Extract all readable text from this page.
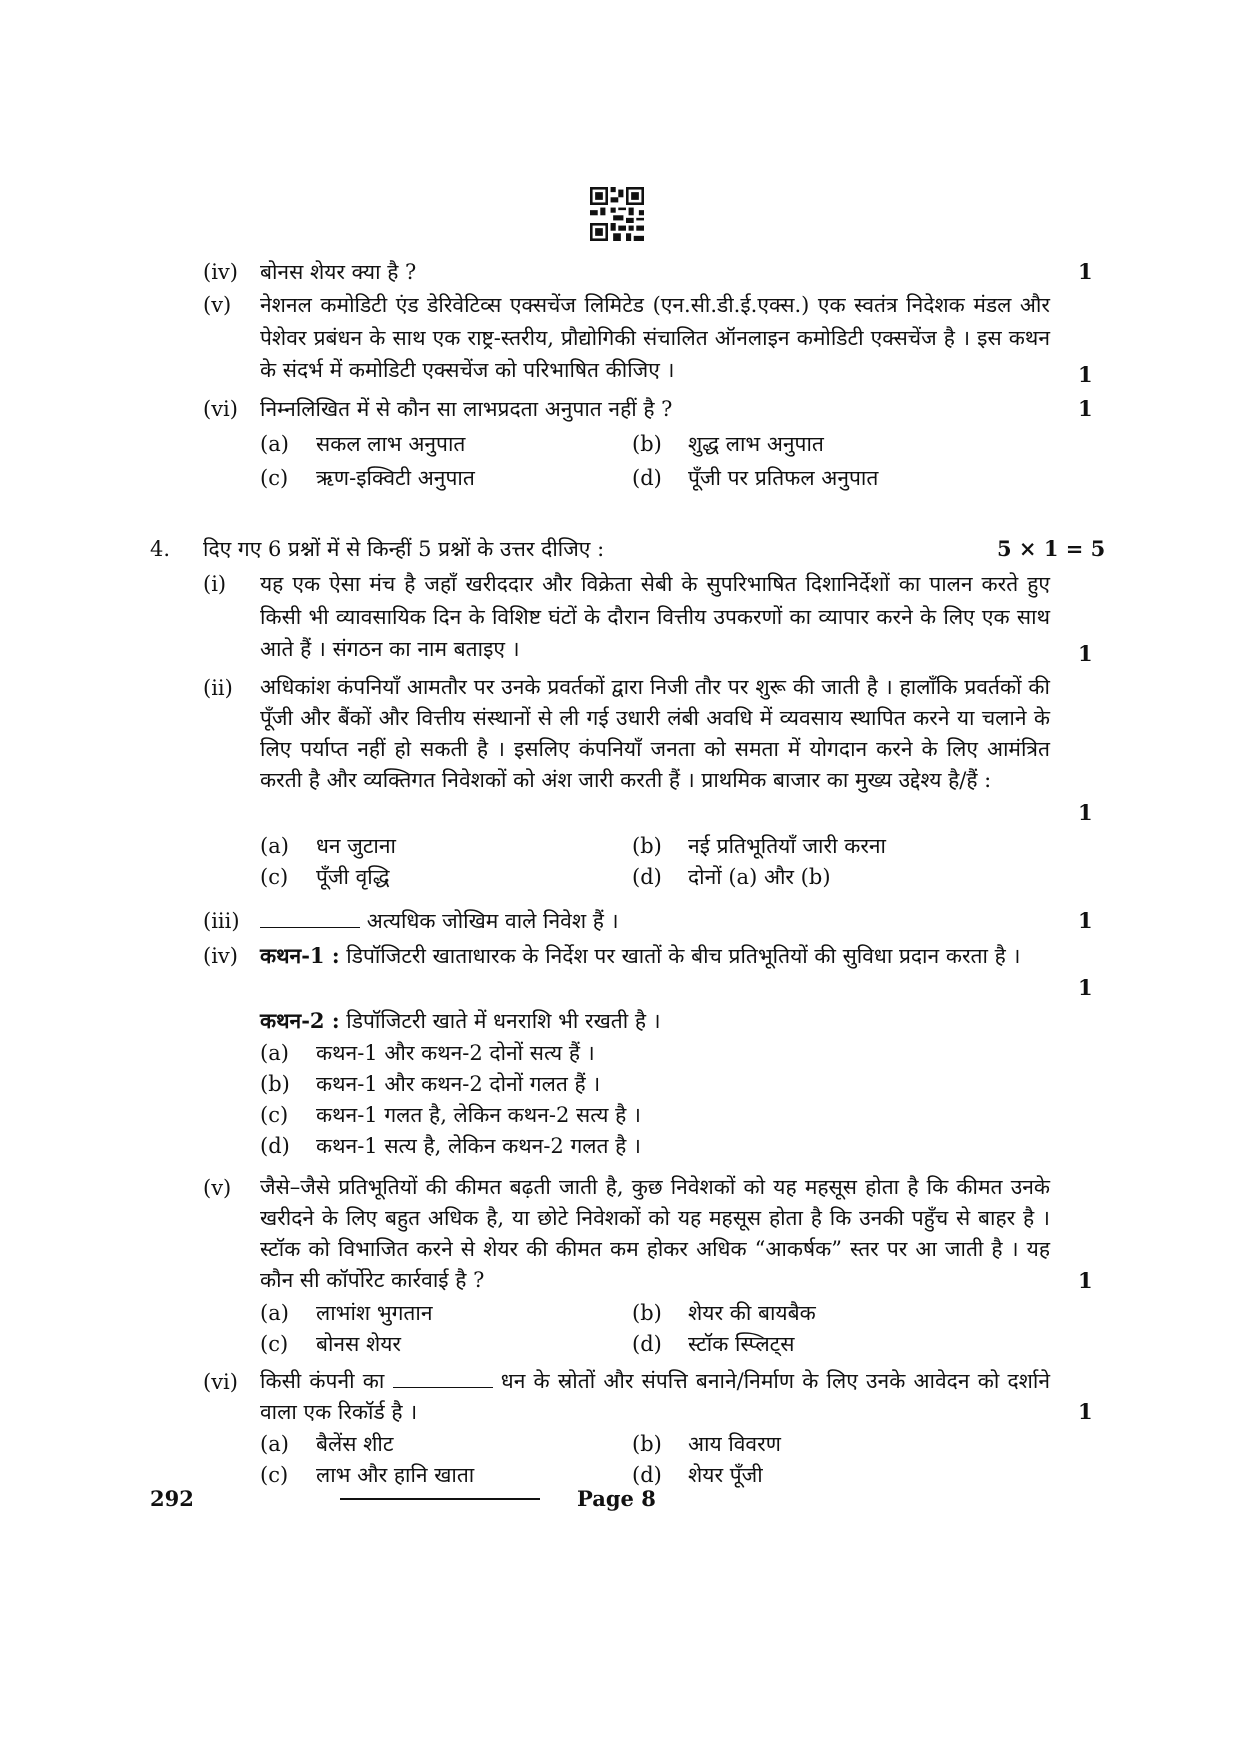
(iv) बोनस शेयर क्या है ?	1
(v) नेशनल कमोडिटी एंड डेरिवेटिव्स एक्सचेंज लिमिटेड (एन.सी.डी.ई.एक्स.) एक स्वतंत्र निदेशक मंडल और पेशेवर प्रबंधन के साथ एक राष्ट्र-स्तरीय, प्रौद्योगिकी संचालित ऑनलाइन कमोडिटी एक्सचेंज है । इस कथन के संदर्भ में कमोडिटी एक्सचेंज को परिभाषित कीजिए ।	1
(vi) निम्नलिखित में से कौन सा लाभप्रदता अनुपात नहीं है ?	1
(a) सकल लाभ अनुपात	(b) शुद्ध लाभ अनुपात
(c) ऋण-इक्विटी अनुपात	(d) पूँजी पर प्रतिफल अनुपात
4. दिए गए 6 प्रश्नों में से किन्हीं 5 प्रश्नों के उत्तर दीजिए :	5 × 1 = 5
(i) यह एक ऐसा मंच है जहाँ खरीददार और विक्रेता सेबी के सुपरिभाषित दिशानिर्देशों का पालन करते हुए किसी भी व्यावसायिक दिन के विशिष्ट घंटों के दौरान वित्तीय उपकरणों का व्यापार करने के लिए एक साथ आते हैं । संगठन का नाम बताइए ।	1
(ii) अधिकांश कंपनियाँ आमतौर पर उनके प्रवर्तकों द्वारा निजी तौर पर शुरू की जाती है । हालाँकि प्रवर्तकों की पूँजी और बैंकों और वित्तीय संस्थानों से ली गई उधारी लंबी अवधि में व्यवसाय स्थापित करने या चलाने के लिए पर्याप्त नहीं हो सकती है । इसलिए कंपनियाँ जनता को समता में योगदान करने के लिए आमंत्रित करती है और व्यक्तिगत निवेशकों को अंश जारी करती हैं । प्राथमिक बाजार का मुख्य उद्देश्य है/हैं :
1
(a) धन जुटाना	(b) नई प्रतिभूतियाँ जारी करना
(c) पूँजी वृद्धि	(d) दोनों (a) और (b)
(iii)	अत्यधिक जोखिम वाले निवेश हैं ।	1
(iv) कथन-1 : डिपॉजिटरी खाताधारक के निर्देश पर खातों के बीच प्रतिभूतियों की सुविधा प्रदान करता है ।
1
कथन-2 : डिपॉजिटरी खाते में धनराशि भी रखती है ।
(a) कथन-1 और कथन-2 दोनों सत्य हैं ।
(b) कथन-1 और कथन-2 दोनों गलत हैं ।
(c) कथन-1 गलत है, लेकिन कथन-2 सत्य है ।
(d) कथन-1 सत्य है, लेकिन कथन-2 गलत है ।
(v) जैसे–जैसे प्रतिभूतियों की कीमत बढ़ती जाती है, कुछ निवेशकों को यह महसूस होता है कि कीमत उनके खरीदने के लिए बहुत अधिक है, या छोटे निवेशकों को यह महसूस होता है कि उनकी पहुँच से बाहर है । स्टॉक को विभाजित करने से शेयर की कीमत कम होकर अधिक “आकर्षक” स्तर पर आ जाती है । यह कौन सी कॉर्पोरेट कार्रवाई है ?	1
(a) लाभांश भुगतान	(b) शेयर की बायबैक
(c) बोनस शेयर	(d) स्टॉक स्प्लिट्स
(vi) किसी कंपनी का	धन के स्रोतों और संपत्ति बनाने/निर्माण के लिए उनके आवेदन को दर्शाने वाला एक रिकॉर्ड है ।	1
(a) बैलेंस शीट	(b) आय विवरण
(c) लाभ और हानि खाता	(d) शेयर पूँजी
292	Page 8
